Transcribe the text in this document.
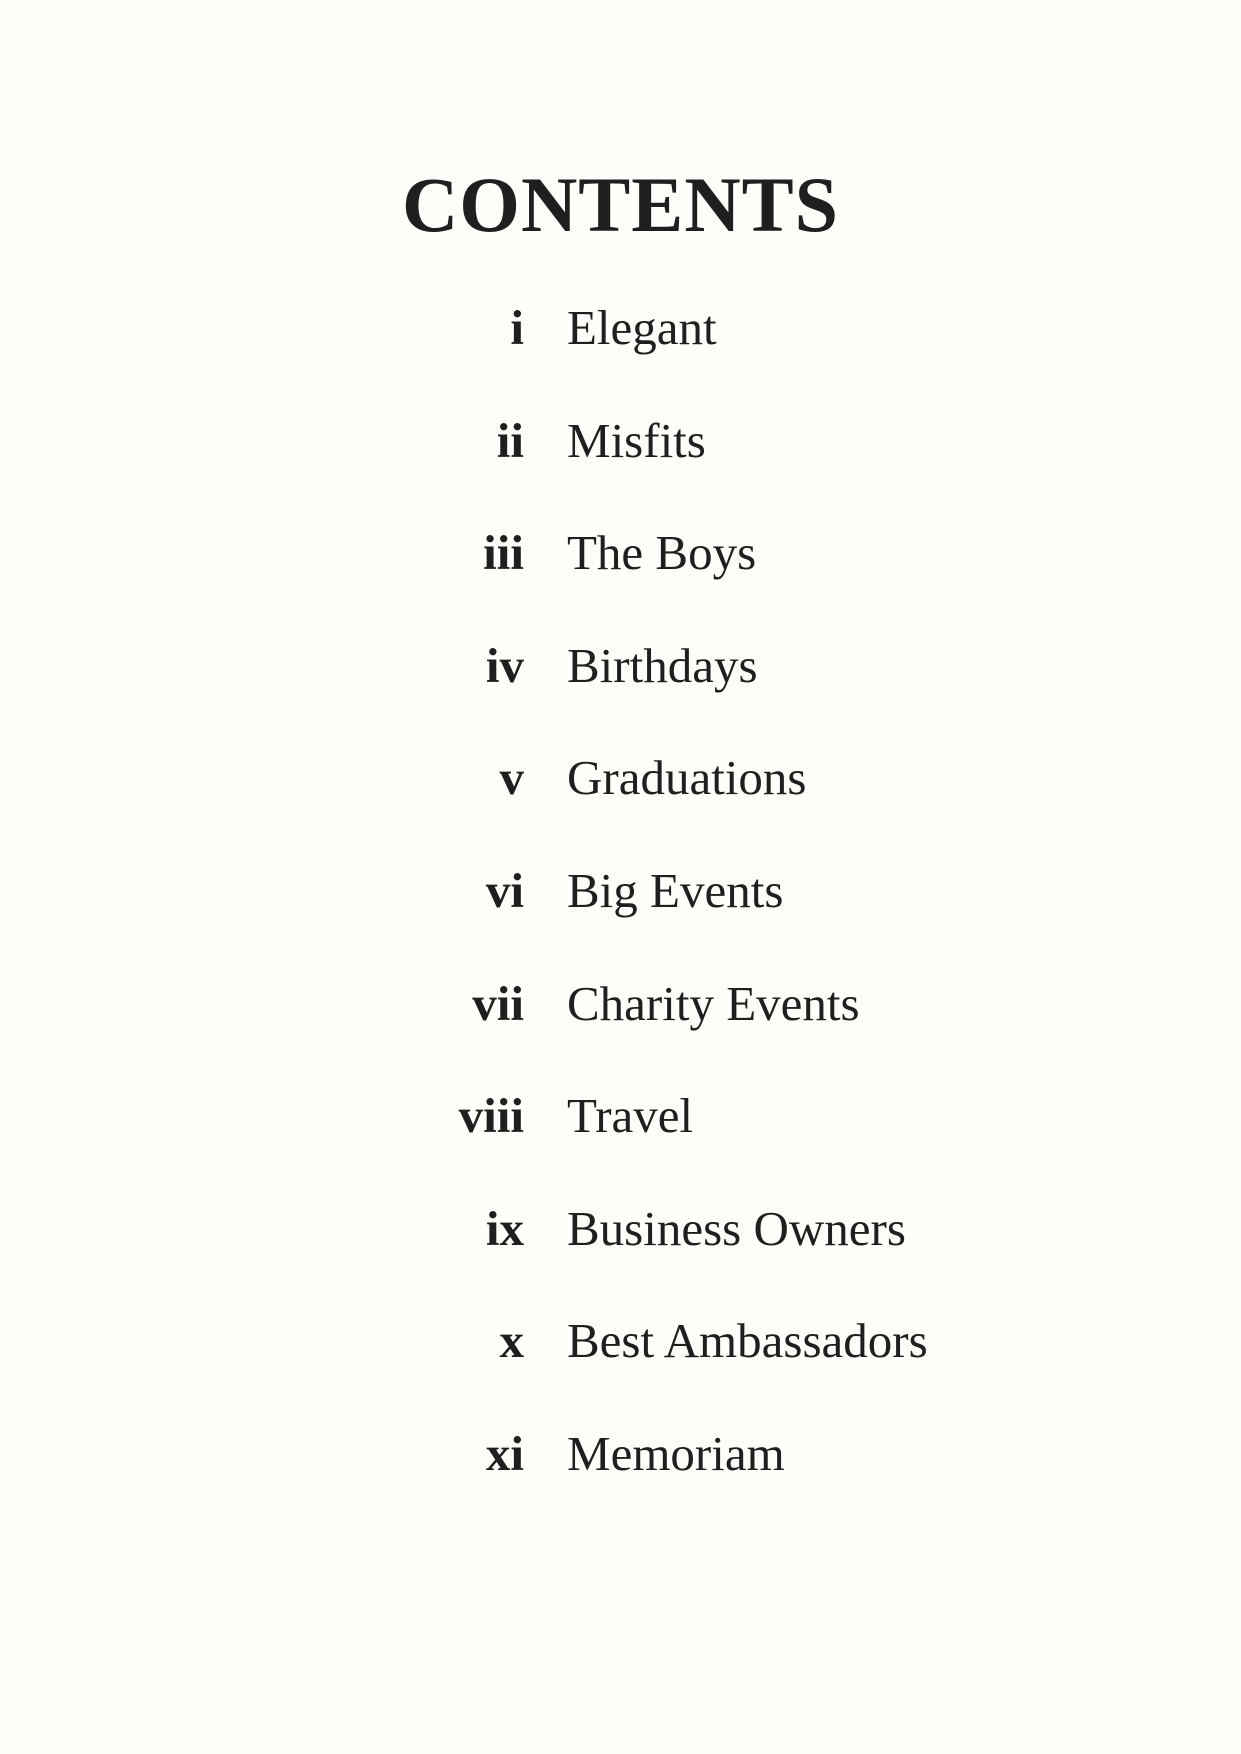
CONTENTS
i Elegant
ii Misfits
iii The Boys
iv Birthdays
v Graduations
vi Big Events
vii Charity Events
viii Travel
ix Business Owners
x Best Ambassadors
xi Memoriam
